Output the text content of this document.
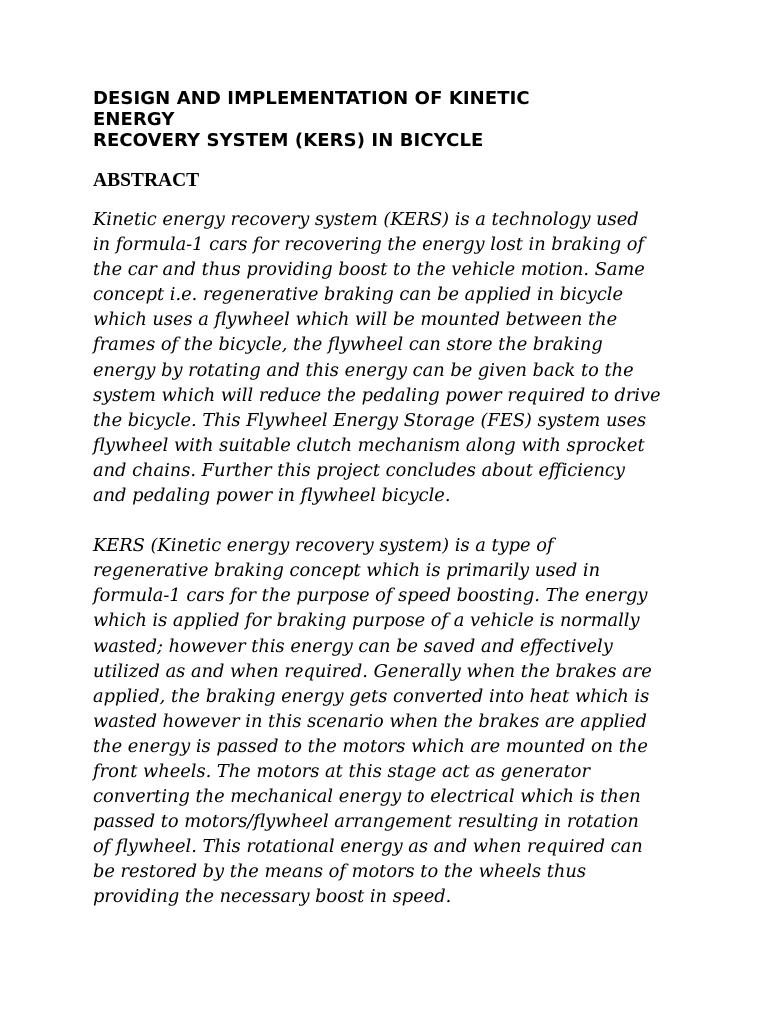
DESIGN AND IMPLEMENTATION OF KINETIC

ENERGY

RECOVERY SYSTEM (KERS) IN BICYCLE

ABSTRACT

Kinetic energy recovery system (KERS) is a technology used
in formula-1 cars for recovering the energy lost in braking of
the car and thus providing boost to the vehicle motion. Same
concept i.e. regenerative braking can be applied in bicycle
which uses a flywheel which will be mounted between the
frames of the bicycle, the flywheel can store the braking
energy by rotating and this energy can be given back to the
system which will reduce the pedaling power required to drive
the bicycle. This Flywheel Energy Storage (FES) system uses
flywheel with suitable clutch mechanism along with sprocket
and chains. Further this project concludes about efficiency
and pedaling power in flywheel bicycle.

KERS (Kinetic energy recovery system) is a type of
regenerative braking concept which is primarily used in
formula-1 cars for the purpose of speed boosting. The energy
which is applied for braking purpose of a vehicle is normally
wasted; however this energy can be saved and effectively
utilized as and when required. Generally when the brakes are
applied, the braking energy gets converted into heat which is
wasted however in this scenario when the brakes are applied
the energy is passed to the motors which are mounted on the
front wheels. The motors at this stage act as generator
converting the mechanical energy to electrical which is then
passed to motors/flywheel arrangement resulting in rotation
of flywheel. This rotational energy as and when required can
be restored by the means of motors to the wheels thus
providing the necessary boost in speed.
